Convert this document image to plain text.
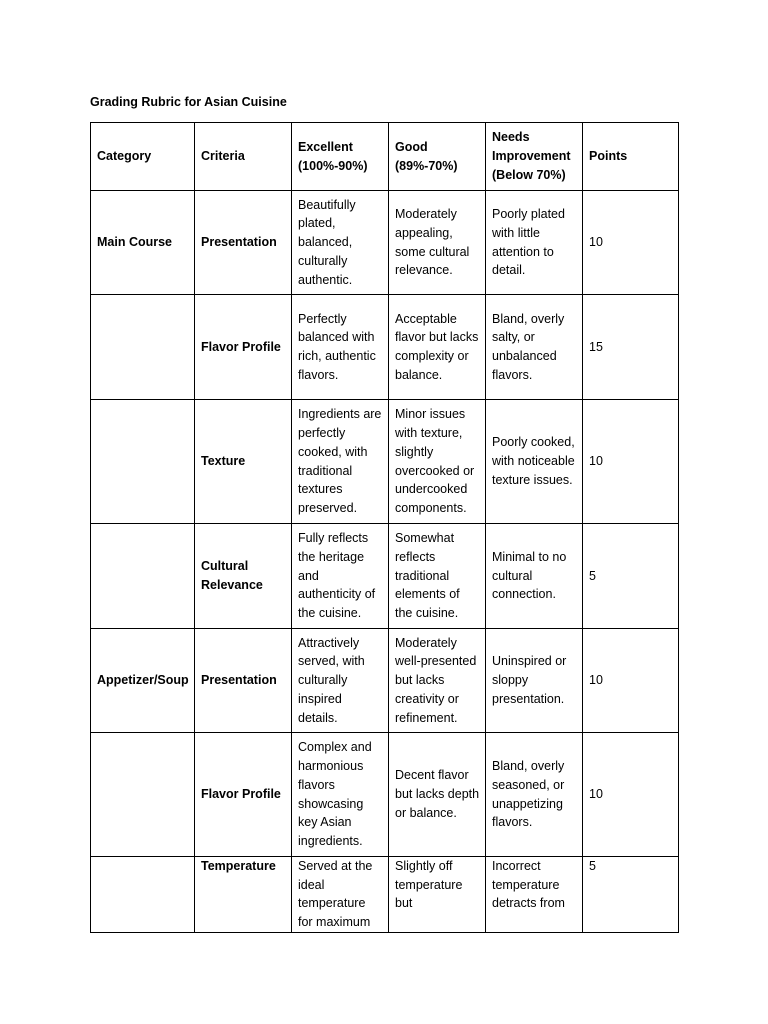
Grading Rubric for Asian Cuisine
Category	Criteria	Excellent (100%-90%)	Good (89%-70%)	Needs Improvement (Below 70%)	Points
Main Course	Presentation	Beautifully plated, balanced, culturally authentic.	Moderately appealing, some cultural relevance.	Poorly plated with little attention to detail.	10
	Flavor Profile	Perfectly balanced with rich, authentic flavors.	Acceptable flavor but lacks complexity or balance.	Bland, overly salty, or unbalanced flavors.	15
	Texture	Ingredients are perfectly cooked, with traditional textures preserved.	Minor issues with texture, slightly overcooked or undercooked components.	Poorly cooked, with noticeable texture issues.	10
	Cultural Relevance	Fully reflects the heritage and authenticity of the cuisine.	Somewhat reflects traditional elements of the cuisine.	Minimal to no cultural connection.	5
Appetizer/Soup	Presentation	Attractively served, with culturally inspired details.	Moderately well-presented but lacks creativity or refinement.	Uninspired or sloppy presentation.	10
	Flavor Profile	Complex and harmonious flavors showcasing key Asian ingredients.	Decent flavor but lacks depth or balance.	Bland, overly seasoned, or unappetizing flavors.	10
	Temperature	Served at the ideal temperature for maximum	Slightly off temperature but	Incorrect temperature detracts from	5
